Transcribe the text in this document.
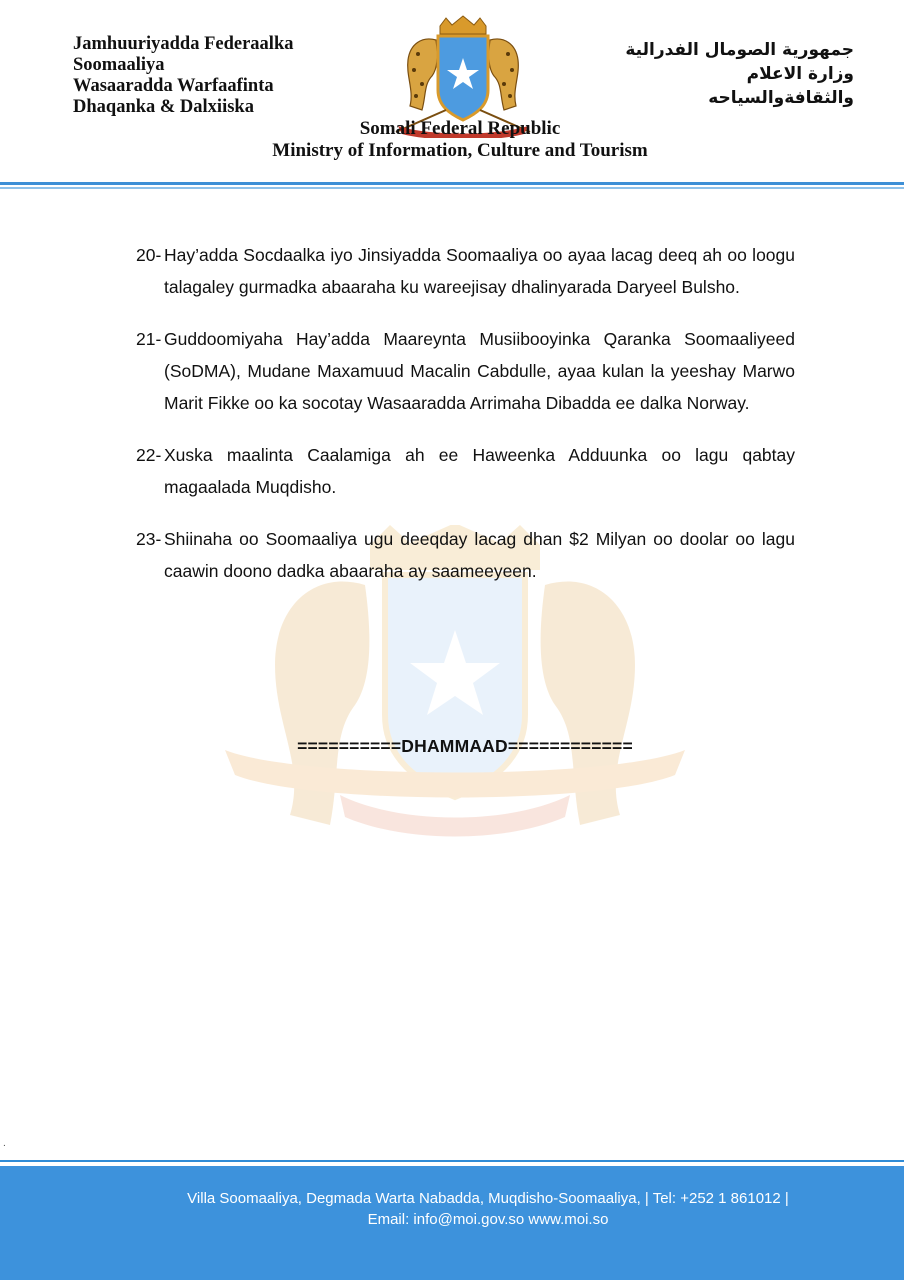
Jamhuuriyadda Federaalka
Soomaaliya
Wasaaradda Warfaafinta
Dhaqanka & Dalxiiska
جمهورية الصومال الفدرالية
وزارة الاعلام
والثقافةوالسياحه
Somali Federal Republic
Ministry of Information, Culture and Tourism
20- Hay’adda Socdaalka iyo Jinsiyadda Soomaaliya oo ayaa lacag deeq ah oo loogu talagaley gurmadka abaaraha ku wareejisay dhalinyarada Daryeel Bulsho.
21- Guddoomiyaha Hay’adda Maareynta Musiibooyinka Qaranka Soomaaliyeed (SoDMA), Mudane Maxamuud Macalin Cabdulle, ayaa kulan la yeeshay Marwo Marit Fikke oo ka socotay Wasaaradda Arrimaha Dibadda ee dalka Norway.
22- Xuska maalinta Caalamiga ah ee Haweenka Adduunka oo lagu qabtay magaalada Muqdisho.
23- Shiinaha oo Soomaaliya ugu deeqday lacag dhan $2 Milyan oo doolar oo lagu caawin doono dadka abaaraha ay saameeyeen.
==========DHAMMAAD============
.
Villa Soomaaliya, Degmada Warta Nabadda, Muqdisho-Soomaaliya, | Tel: +252 1 861012 |
Email: info@moi.gov.so www.moi.so
